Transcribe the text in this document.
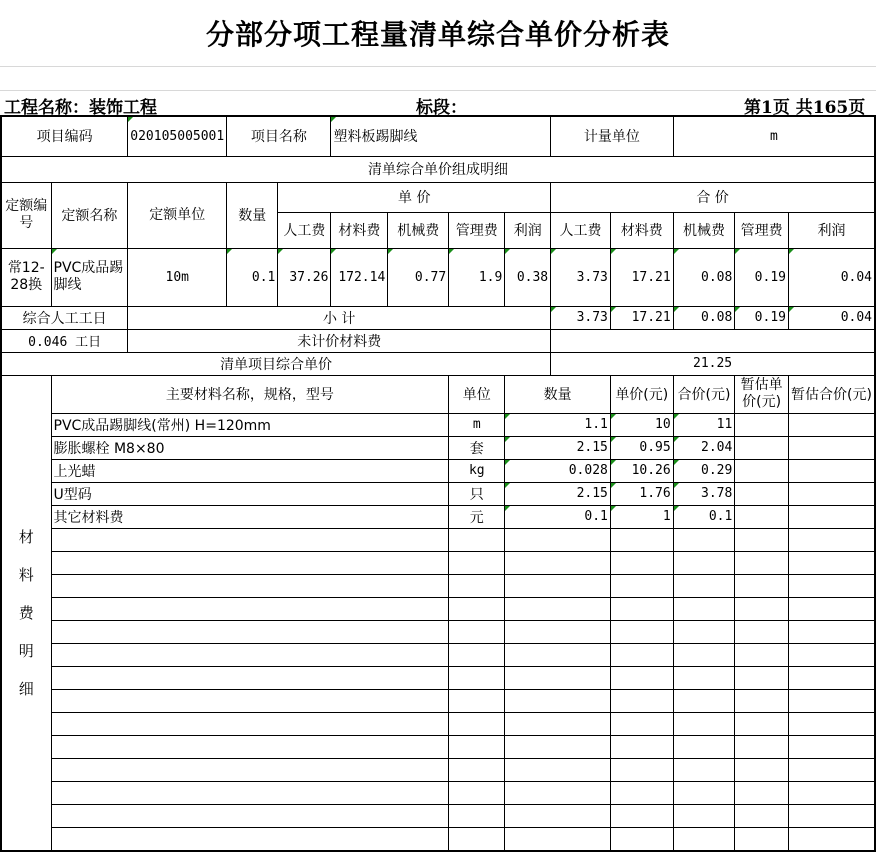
分部分项工程量清单综合单价分析表
工程名称：装饰工程	标段：	第1页 共165页
项目编码		020105005001	项目名称		塑料板踢脚线				计量单位		m		
清单综合单价组成明细													
定额编号	定额名称	定额单位	数量	单 价					合 价				
				人工费	材料费	机械费	管理费	利润	人工费	材料费	机械费	管理费	利润
常12-28换	PVC成品踢脚线	10m	0.1	37.26	172.14	0.77	1.9	0.38	3.73	17.21	0.08	0.19	0.04
综合人工工日		小 计							3.73	17.21	0.08	0.19	0.04
0.046 工日		未计价材料费											
清单项目综合单价									21.25				
材料费明细	主要材料名称，规格，型号						单位	数量		单价(元)	合价(元)	暂估单价(元)	暂估合价(元)
	PVC成品踢脚线(常州) H=120mm						m	1.1		10	11		
	膨胀螺栓 M8×80						套	2.15		0.95	2.04		
	上光蜡						kg	0.028		10.26	0.29		
	U型码						只	2.15		1.76	3.78		
	其它材料费						元	0.1		1	0.1		
